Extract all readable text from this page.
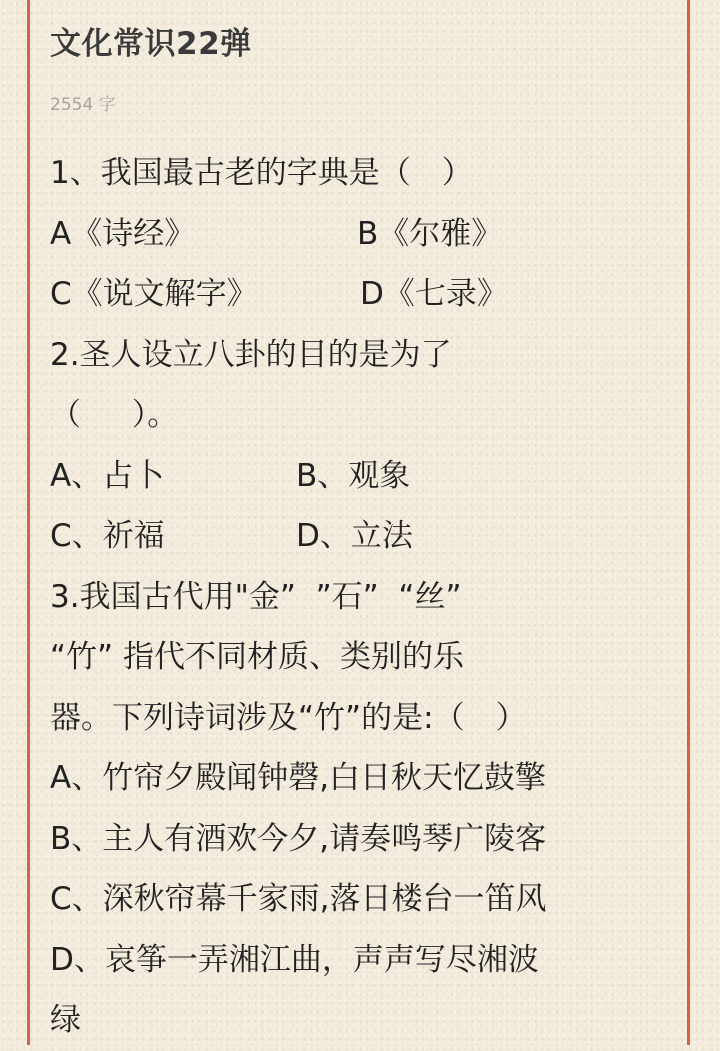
文化常识22弹
2554 字
1、我国最古老的字典是（　）
A《诗经》	B《尔雅》
C《说文解字》	D《七录》
2.圣人设立八卦的目的是为了
（　  ）。
A、占卜	B、观象
C、祈福	D、立法
3.我国古代用"金”  ”石”  “丝”
“竹” 指代不同材质、类别的乐
器。下列诗词涉及“竹”的是:（　）
A、竹帘夕殿闻钟磬,白日秋天忆鼓擎
B、主人有酒欢今夕,请奏鸣琴广陵客
C、深秋帘幕千家雨,落日楼台一笛风
D、哀筝一弄湘江曲，声声写尽湘波
绿
